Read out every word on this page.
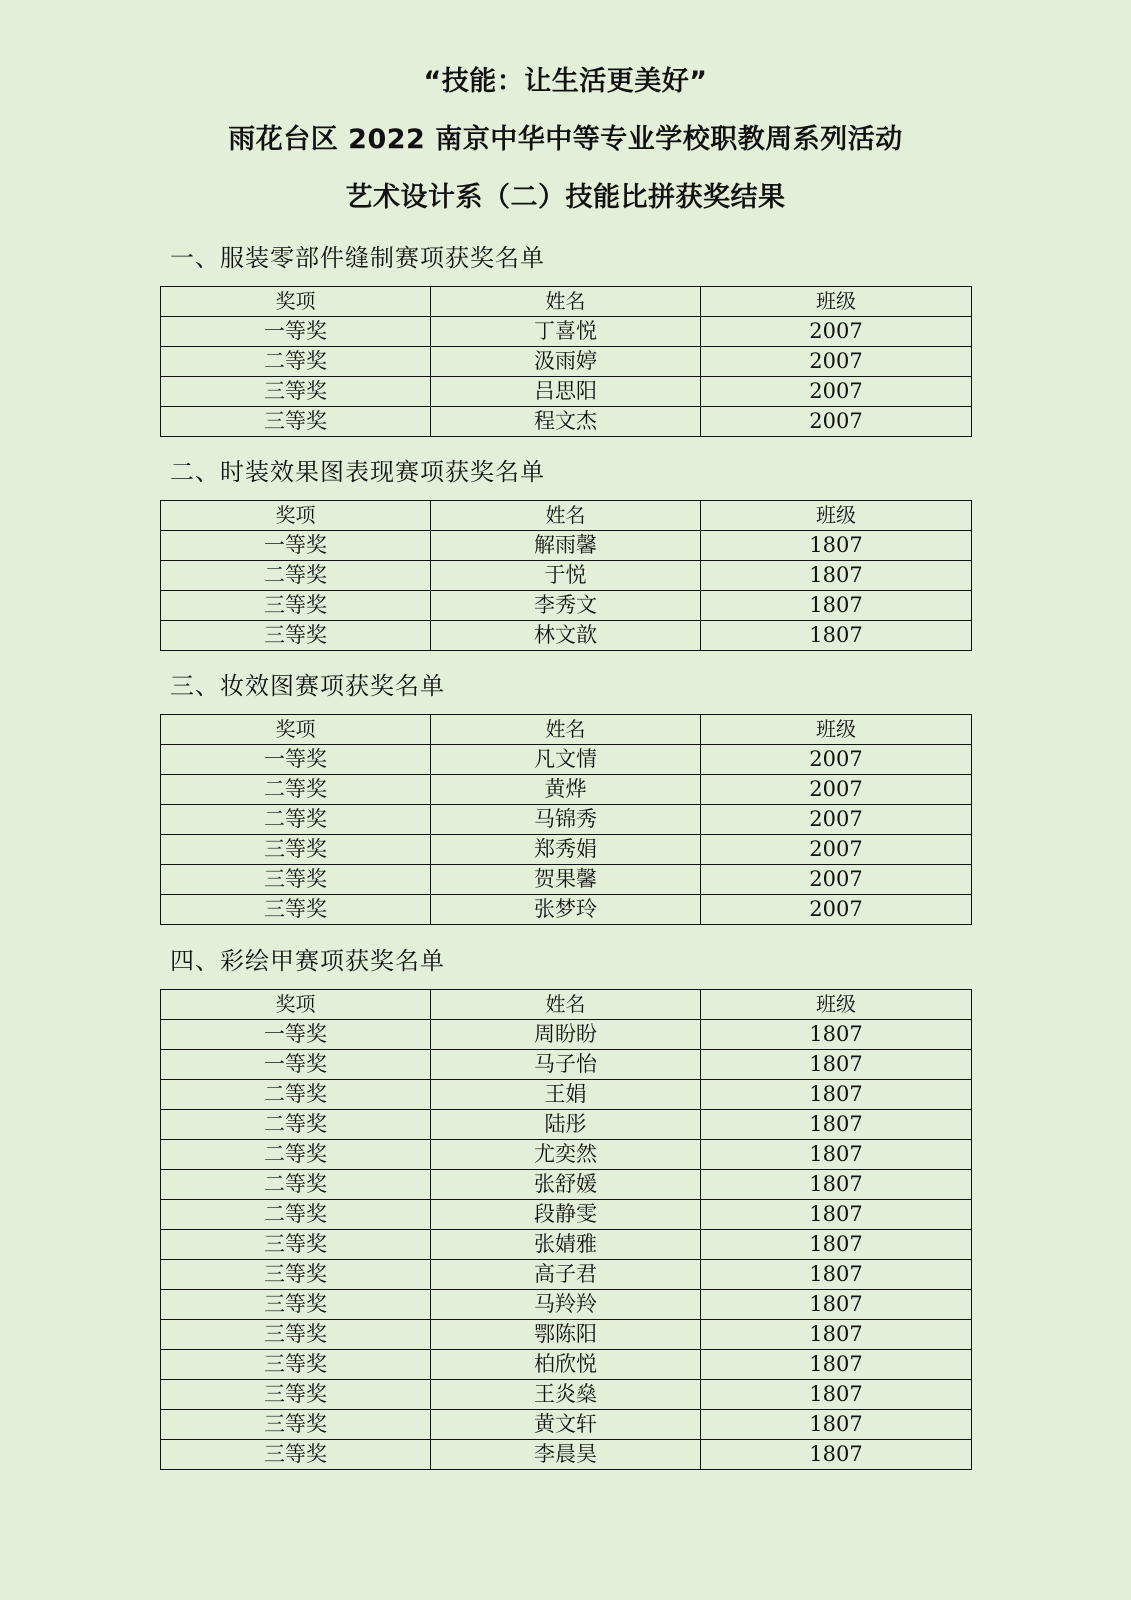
“技能：让生活更美好”
雨花台区 2022 南京中华中等专业学校职教周系列活动
艺术设计系（二）技能比拼获奖结果
一、服装零部件缝制赛项获奖名单
奖项	姓名	班级
一等奖	丁喜悦	2007
二等奖	汲雨婷	2007
三等奖	吕思阳	2007
三等奖	程文杰	2007
二、时装效果图表现赛项获奖名单
奖项	姓名	班级
一等奖	解雨馨	1807
二等奖	于悦	1807
三等奖	李秀文	1807
三等奖	林文歆	1807
三、妆效图赛项获奖名单
奖项	姓名	班级
一等奖	凡文情	2007
二等奖	黄烨	2007
二等奖	马锦秀	2007
三等奖	郑秀娟	2007
三等奖	贺果馨	2007
三等奖	张梦玲	2007
四、彩绘甲赛项获奖名单
奖项	姓名	班级
一等奖	周盼盼	1807
一等奖	马子怡	1807
二等奖	王娟	1807
二等奖	陆彤	1807
二等奖	尤奕然	1807
二等奖	张舒媛	1807
二等奖	段静雯	1807
三等奖	张婧雅	1807
三等奖	高子君	1807
三等奖	马羚羚	1807
三等奖	鄂陈阳	1807
三等奖	柏欣悦	1807
三等奖	王炎燊	1807
三等奖	黄文轩	1807
三等奖	李晨昊	1807
